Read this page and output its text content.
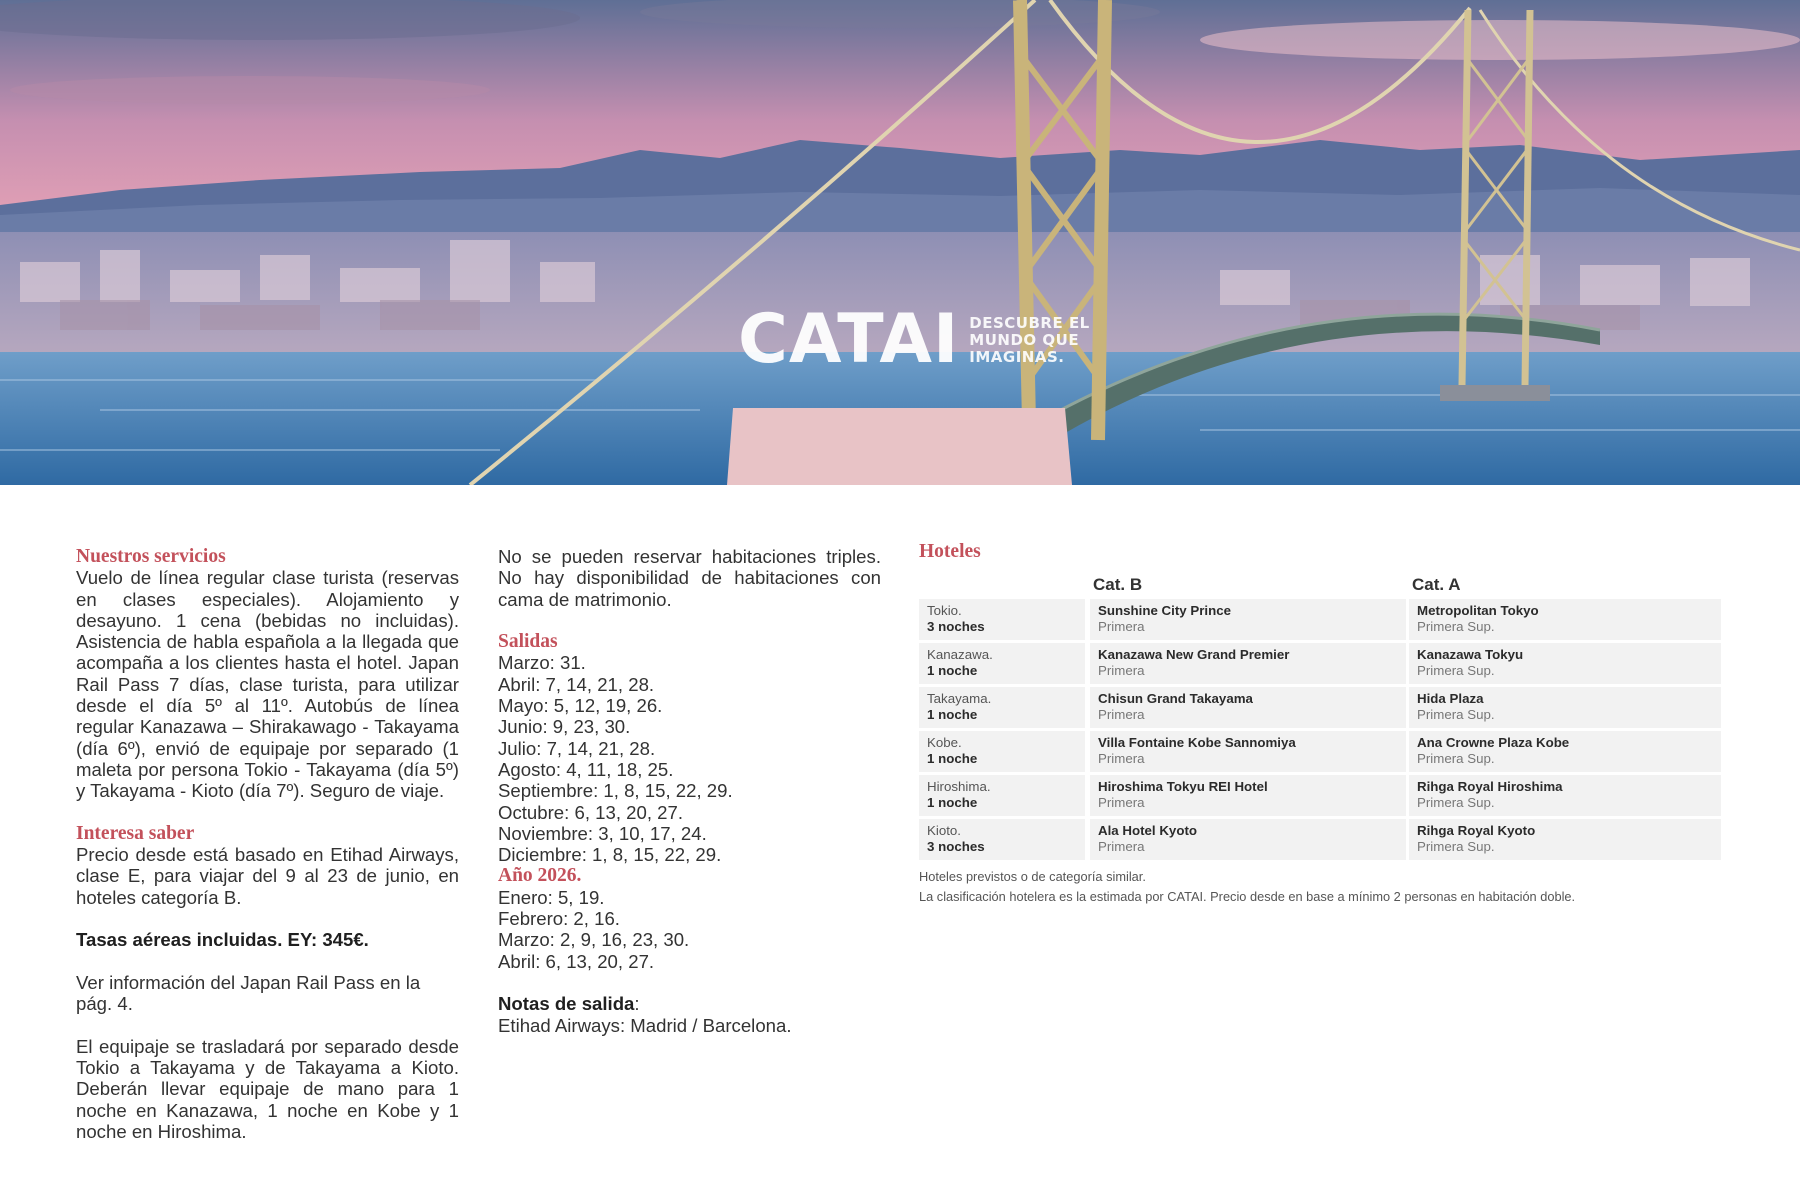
CATAI DESCUBRE EL
MUNDO QUE
IMAGINAS.
Nuestros servicios
Vuelo de línea regular clase turista (reservas en clases especiales). Alojamiento y desayuno. 1 cena (bebidas no incluidas). Asistencia de habla española a la llegada que acompaña a los clientes hasta el hotel. Japan Rail Pass 7 días, clase turista, para utilizar desde el día 5º al 11º. Autobús de línea regular Kanazawa – Shirakawago - Takayama (día 6º), envió de equipaje por separado (1 maleta por persona Tokio - Takayama (día 5º) y Takayama - Kioto (día 7º). Seguro de viaje.
Interesa saber
Precio desde está basado en Etihad Airways, clase E, para viajar del 9 al 23 de junio, en hoteles categoría B.
Tasas aéreas incluidas. EY: 345€.
Ver información del Japan Rail Pass en la pág. 4.
El equipaje se trasladará por separado desde Tokio a Takayama y de Takayama a Kioto. Deberán llevar equipaje de mano para 1 noche en Kanazawa, 1 noche en Kobe y 1 noche en Hiroshima.
No se pueden reservar habitaciones triples. No hay disponibilidad de habitaciones con cama de matrimonio.
Salidas
Marzo: 31.
Abril: 7, 14, 21, 28.
Mayo: 5, 12, 19, 26.
Junio: 9, 23, 30.
Julio: 7, 14, 21, 28.
Agosto: 4, 11, 18, 25.
Septiembre: 1, 8, 15, 22, 29.
Octubre: 6, 13, 20, 27.
Noviembre: 3, 10, 17, 24.
Diciembre: 1, 8, 15, 22, 29.
Año 2026.
Enero: 5, 19.
Febrero: 2, 16.
Marzo: 2, 9, 16, 23, 30.
Abril: 6, 13, 20, 27.
Notas de salida:
Etihad Airways: Madrid / Barcelona.
Hoteles
Cat. B	Cat. A
Tokio.
3 noches
Sunshine City Prince
Primera
Metropolitan Tokyo
Primera Sup.
Kanazawa.
1 noche
Kanazawa New Grand Premier
Primera
Kanazawa Tokyu
Primera Sup.
Takayama.
1 noche
Chisun Grand Takayama
Primera
Hida Plaza
Primera Sup.
Kobe.
1 noche
Villa Fontaine Kobe Sannomiya
Primera
Ana Crowne Plaza Kobe
Primera Sup.
Hiroshima.
1 noche
Hiroshima Tokyu REI Hotel
Primera
Rihga Royal Hiroshima
Primera Sup.
Kioto.
3 noches
Ala Hotel Kyoto
Primera
Rihga Royal Kyoto
Primera Sup.
Hoteles previstos o de categoría similar.
La clasificación hotelera es la estimada por CATAI. Precio desde en base a mínimo 2 personas en habitación doble.
